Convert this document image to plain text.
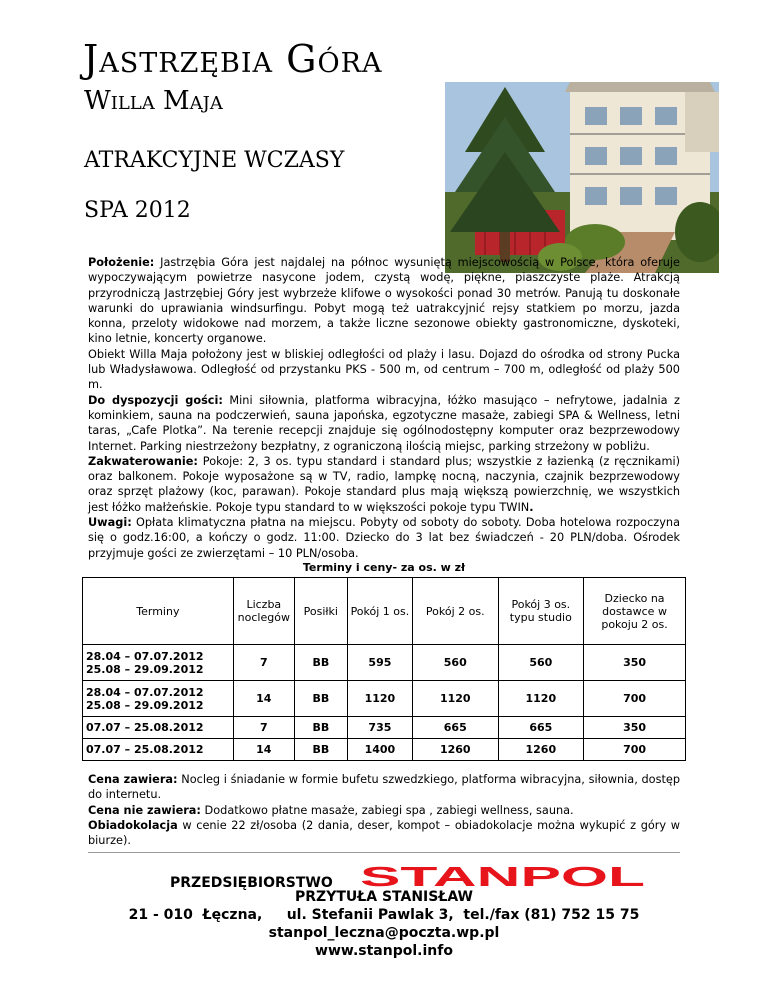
Jastrzębia Góra
Willa Maja
ATRAKCYJNE WCZASY
SPA 2012

Położenie: Jastrzębia Góra jest najdalej na północ wysuniętą miejscowością w Polsce, która oferuje wypoczywającym powietrze nasycone jodem, czystą wodę, piękne, piaszczyste plaże. Atrakcją przyrodniczą Jastrzębiej Góry jest wybrzeże klifowe o wysokości ponad 30 metrów. Panują tu doskonałe warunki do uprawiania windsurfingu. Pobyt mogą też uatrakcyjnić rejsy statkiem po morzu, jazda konna, przeloty widokowe nad morzem, a także liczne sezonowe obiekty gastronomiczne, dyskoteki, kino letnie, koncerty organowe.

Obiekt Willa Maja położony jest w bliskiej odległości od plaży i lasu. Dojazd do ośrodka od strony Pucka lub Władysławowa. Odległość od przystanku PKS - 500 m, od centrum – 700 m, odległość od plaży 500 m.

Do dyspozycji gości: Mini siłownia, platforma wibracyjna, łóżko masująco – nefrytowe, jadalnia z kominkiem, sauna na podczerwień, sauna japońska, egzotyczne masaże, zabiegi SPA & Wellness, letni taras, „Cafe Plotka”. Na terenie recepcji znajduje się ogólnodostępny komputer oraz bezprzewodowy Internet. Parking niestrzeżony bezpłatny, z ograniczoną ilością miejsc, parking strzeżony w pobliżu.

Zakwaterowanie: Pokoje: 2, 3 os. typu standard i standard plus; wszystkie z łazienką (z ręcznikami) oraz balkonem. Pokoje wyposażone są w TV, radio, lampkę nocną, naczynia, czajnik bezprzewodowy oraz sprzęt plażowy (koc, parawan). Pokoje standard plus mają większą powierzchnię, we wszystkich jest łóżko małżeńskie. Pokoje typu standard to w większości pokoje typu TWIN.

Uwagi: Opłata klimatyczna płatna na miejscu. Pobyty od soboty do soboty. Doba hotelowa rozpoczyna się o godz.16:00, a kończy o godz. 11:00. Dziecko do 3 lat bez świadczeń - 20 PLN/doba. Ośrodek przyjmuje gości ze zwierzętami – 10 PLN/osoba.

Terminy i ceny- za os. w zł
Terminy	Liczba noclegów	Posiłki	Pokój 1 os.	Pokój 2 os.	Pokój 3 os. typu studio	Dziecko na dostawce w pokoju 2 os.
28.04 – 07.07.2012
25.08 – 29.09.2012	7	BB	595	560	560	350
28.04 – 07.07.2012
25.08 – 29.09.2012	14	BB	1120	1120	1120	700
07.07 – 25.08.2012	7	BB	735	665	665	350
07.07 – 25.08.2012	14	BB	1400	1260	1260	700

Cena zawiera: Nocleg i śniadanie w formie bufetu szwedzkiego, platforma wibracyjna, siłownia, dostęp do internetu.

Cena nie zawiera: Dodatkowo płatne masaże, zabiegi spa , zabiegi wellness, sauna.

Obiadokolacja w cenie 22 zł/osoba (2 dania, deser, kompot – obiadokolacje można wykupić z góry w biurze).

PRZEDSIĘBIORSTWO STANPOL
PRZYTUŁA STANISŁAW
21 - 010  Łęczna,     ul. Stefanii Pawlak 3,  tel./fax (81) 752 15 75
stanpol_leczna@poczta.wp.pl
www.stanpol.info
